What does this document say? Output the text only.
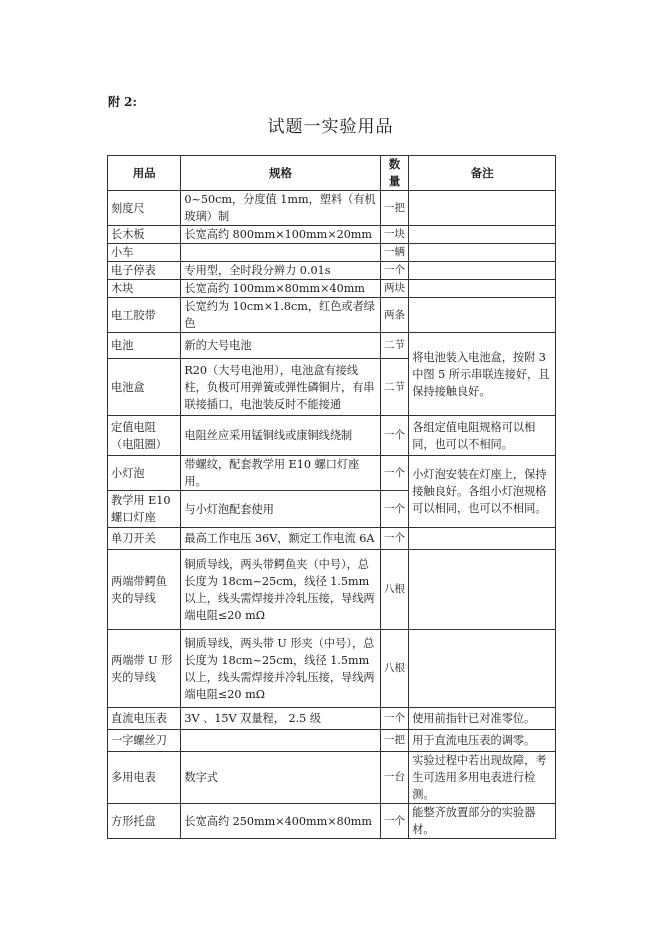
附 2:
试题一实验用品
用品	规格	数量	备注
刻度尺	0~50cm，分度值 1mm，塑料（有机玻璃）制	一把	
长木板	长宽高约 800mm×100mm×20mm	一块	
小车		一辆	
电子停表	专用型，全时段分辨力 0.01s	一个	
木块	长宽高约 100mm×80mm×40mm	两块	
电工胶带	长宽约为 10cm×1.8cm，红色或者绿色	两条	
电池	新的大号电池	二节	将电池装入电池盒，按附 3 中图 5 所示串联连接好，且保持接触良好。
电池盒	R20（大号电池用），电池盒有接线柱，负极可用弹簧或弹性磷铜片，有串联接插口，电池装反时不能接通	二节	
定值电阻（电阻圈）	电阻丝应采用锰铜线或康铜线绕制	一个	各组定值电阻规格可以相同，也可以不相同。
小灯泡	带螺纹，配套教学用 E10 螺口灯座用。	一个	小灯泡安装在灯座上，保持接触良好。各组小灯泡规格可以相同，也可以不相同。
教学用 E10 螺口灯座	与小灯泡配套使用	一个	
单刀开关	最高工作电压 36V，额定工作电流 6A	一个	
两端带鳄鱼夹的导线	铜质导线，两头带鳄鱼夹（中号），总长度为 18cm~25cm，线径 1.5mm 以上，线头需焊接并冷轧压接，导线两端电阻≤20 mΩ	八根	
两端带 U 形夹的导线	铜质导线，两头带 U 形夹（中号），总长度为 18cm~25cm，线径 1.5mm 以上，线头需焊接并冷轧压接，导线两端电阻≤20 mΩ	八根	
直流电压表	3V 、15V 双量程， 2.5 级	一个	使用前指针已对准零位。
一字螺丝刀		一把	用于直流电压表的调零。
多用电表	数字式	一台	实验过程中若出现故障，考生可选用多用电表进行检测。
方形托盘	长宽高约 250mm×400mm×80mm	一个	能整齐放置部分的实验器材。
